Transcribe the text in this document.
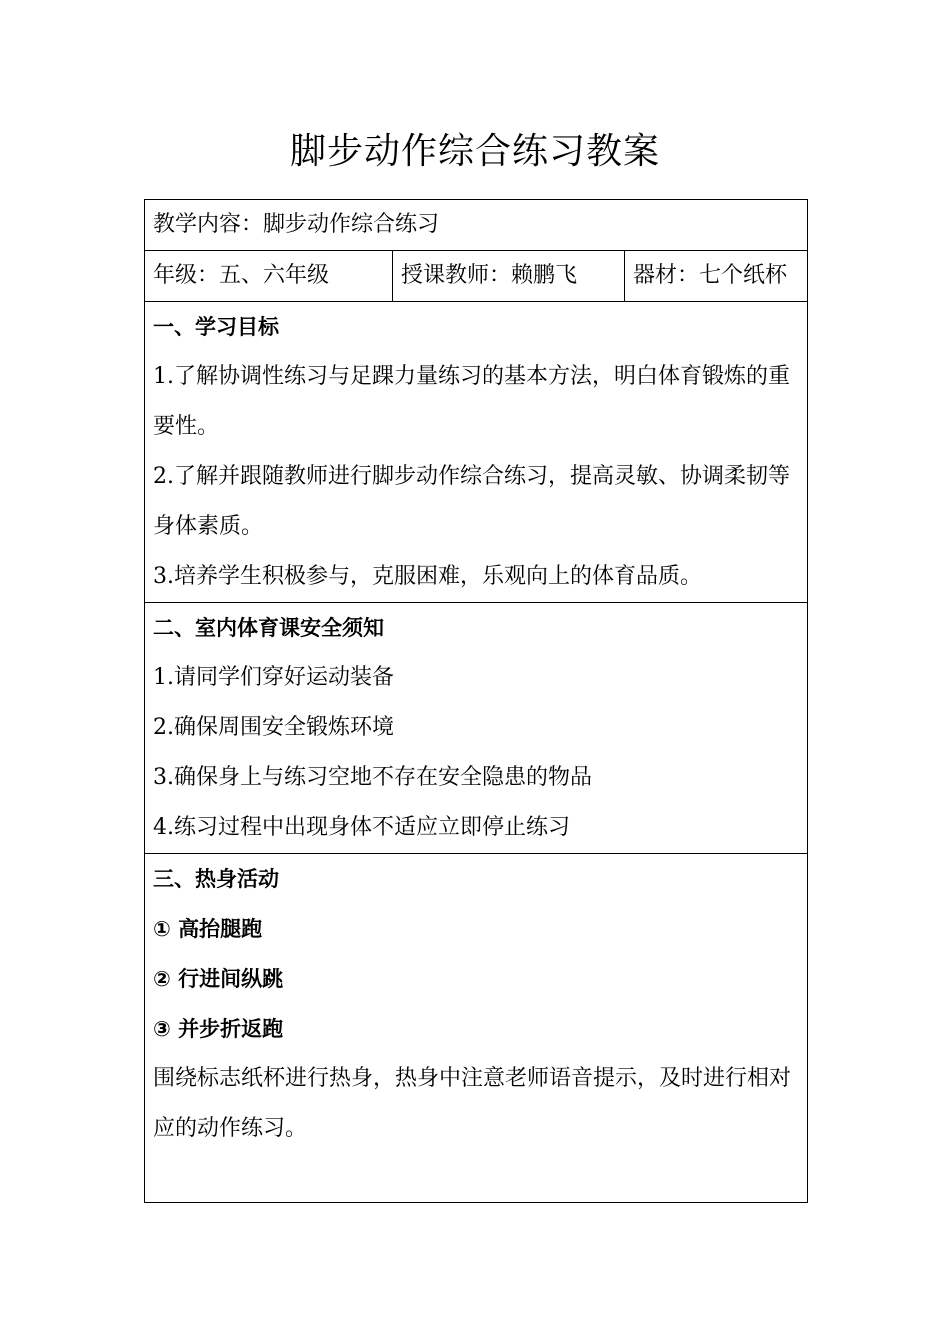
脚步动作综合练习教案
教学内容：脚步动作综合练习
年级：五、六年级	授课教师：赖鹏飞	器材：七个纸杯

一、学习目标
1.了解协调性练习与足踝力量练习的基本方法，明白体育锻炼的重要性。
2.了解并跟随教师进行脚步动作综合练习，提高灵敏、协调柔韧等身体素质。
3.培养学生积极参与，克服困难，乐观向上的体育品质。

二、室内体育课安全须知
1.请同学们穿好运动装备
2.确保周围安全锻炼环境
3.确保身上与练习空地不存在安全隐患的物品
4.练习过程中出现身体不适应立即停止练习

三、热身活动
① 高抬腿跑
② 行进间纵跳
③ 并步折返跑
围绕标志纸杯进行热身，热身中注意老师语音提示，及时进行相对应的动作练习。
